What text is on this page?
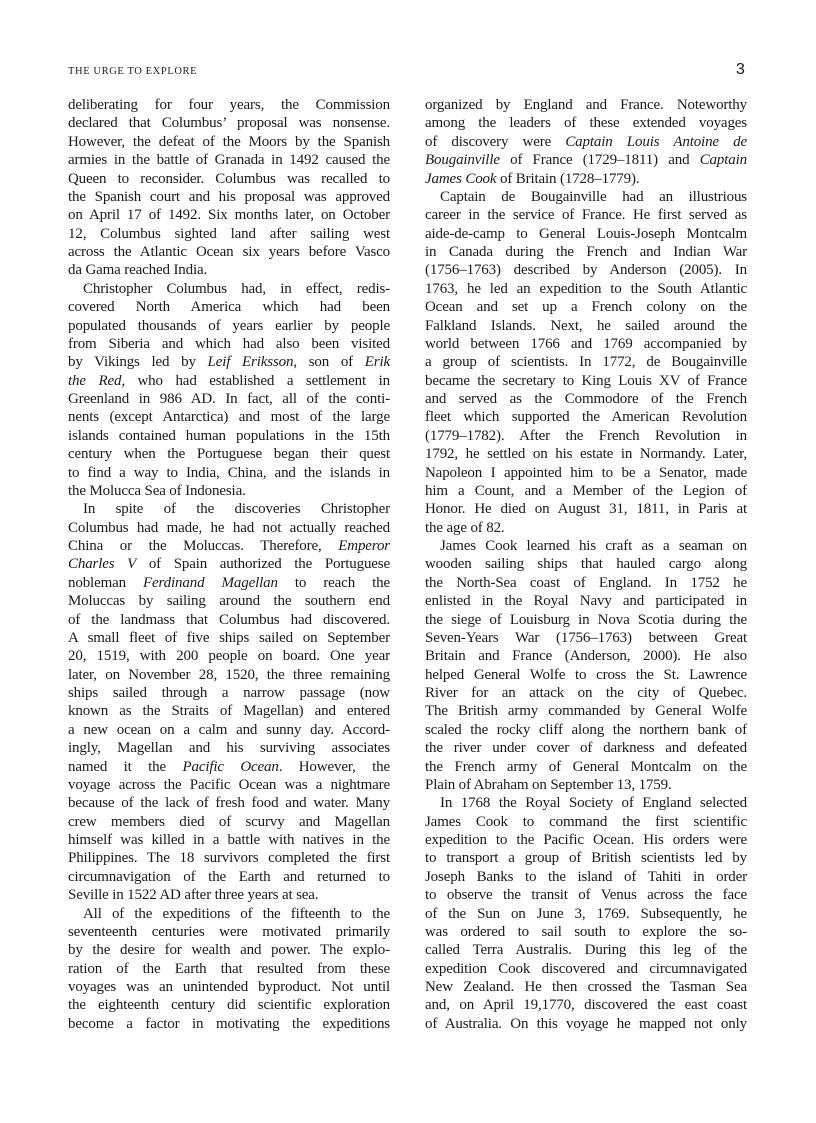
THE URGE TO EXPLORE	3
deliberating for four years, the Commission
declared that Columbus’ proposal was nonsense.
However, the defeat of the Moors by the Spanish
armies in the battle of Granada in 1492 caused the
Queen to reconsider. Columbus was recalled to
the Spanish court and his proposal was approved
on April 17 of 1492. Six months later, on October
12, Columbus sighted land after sailing west
across the Atlantic Ocean six years before Vasco
da Gama reached India.
Christopher Columbus had, in effect, redis-
covered North America which had been
populated thousands of years earlier by people
from Siberia and which had also been visited
by Vikings led by Leif Eriksson, son of Erik
the Red, who had established a settlement in
Greenland in 986 AD. In fact, all of the conti-
nents (except Antarctica) and most of the large
islands contained human populations in the 15th
century when the Portuguese began their quest
to find a way to India, China, and the islands in
the Molucca Sea of Indonesia.
In spite of the discoveries Christopher
Columbus had made, he had not actually reached
China or the Moluccas. Therefore, Emperor
Charles V of Spain authorized the Portuguese
nobleman Ferdinand Magellan to reach the
Moluccas by sailing around the southern end
of the landmass that Columbus had discovered.
A small fleet of five ships sailed on September
20, 1519, with 200 people on board. One year
later, on November 28, 1520, the three remaining
ships sailed through a narrow passage (now
known as the Straits of Magellan) and entered
a new ocean on a calm and sunny day. Accord-
ingly, Magellan and his surviving associates
named it the Pacific Ocean. However, the
voyage across the Pacific Ocean was a nightmare
because of the lack of fresh food and water. Many
crew members died of scurvy and Magellan
himself was killed in a battle with natives in the
Philippines. The 18 survivors completed the first
circumnavigation of the Earth and returned to
Seville in 1522 AD after three years at sea.
All of the expeditions of the fifteenth to the
seventeenth centuries were motivated primarily
by the desire for wealth and power. The explo-
ration of the Earth that resulted from these
voyages was an unintended byproduct. Not until
the eighteenth century did scientific exploration
become a factor in motivating the expeditions
organized by England and France. Noteworthy
among the leaders of these extended voyages
of discovery were Captain Louis Antoine de
Bougainville of France (1729–1811) and Captain
James Cook of Britain (1728–1779).
Captain de Bougainville had an illustrious
career in the service of France. He first served as
aide-de-camp to General Louis-Joseph Montcalm
in Canada during the French and Indian War
(1756–1763) described by Anderson (2005). In
1763, he led an expedition to the South Atlantic
Ocean and set up a French colony on the
Falkland Islands. Next, he sailed around the
world between 1766 and 1769 accompanied by
a group of scientists. In 1772, de Bougainville
became the secretary to King Louis XV of France
and served as the Commodore of the French
fleet which supported the American Revolution
(1779–1782). After the French Revolution in
1792, he settled on his estate in Normandy. Later,
Napoleon I appointed him to be a Senator, made
him a Count, and a Member of the Legion of
Honor. He died on August 31, 1811, in Paris at
the age of 82.
James Cook learned his craft as a seaman on
wooden sailing ships that hauled cargo along
the North-Sea coast of England. In 1752 he
enlisted in the Royal Navy and participated in
the siege of Louisburg in Nova Scotia during the
Seven-Years War (1756–1763) between Great
Britain and France (Anderson, 2000). He also
helped General Wolfe to cross the St. Lawrence
River for an attack on the city of Quebec.
The British army commanded by General Wolfe
scaled the rocky cliff along the northern bank of
the river under cover of darkness and defeated
the French army of General Montcalm on the
Plain of Abraham on September 13, 1759.
In 1768 the Royal Society of England selected
James Cook to command the first scientific
expedition to the Pacific Ocean. His orders were
to transport a group of British scientists led by
Joseph Banks to the island of Tahiti in order
to observe the transit of Venus across the face
of the Sun on June 3, 1769. Subsequently, he
was ordered to sail south to explore the so-
called Terra Australis. During this leg of the
expedition Cook discovered and circumnavigated
New Zealand. He then crossed the Tasman Sea
and, on April 19,1770, discovered the east coast
of Australia. On this voyage he mapped not only
